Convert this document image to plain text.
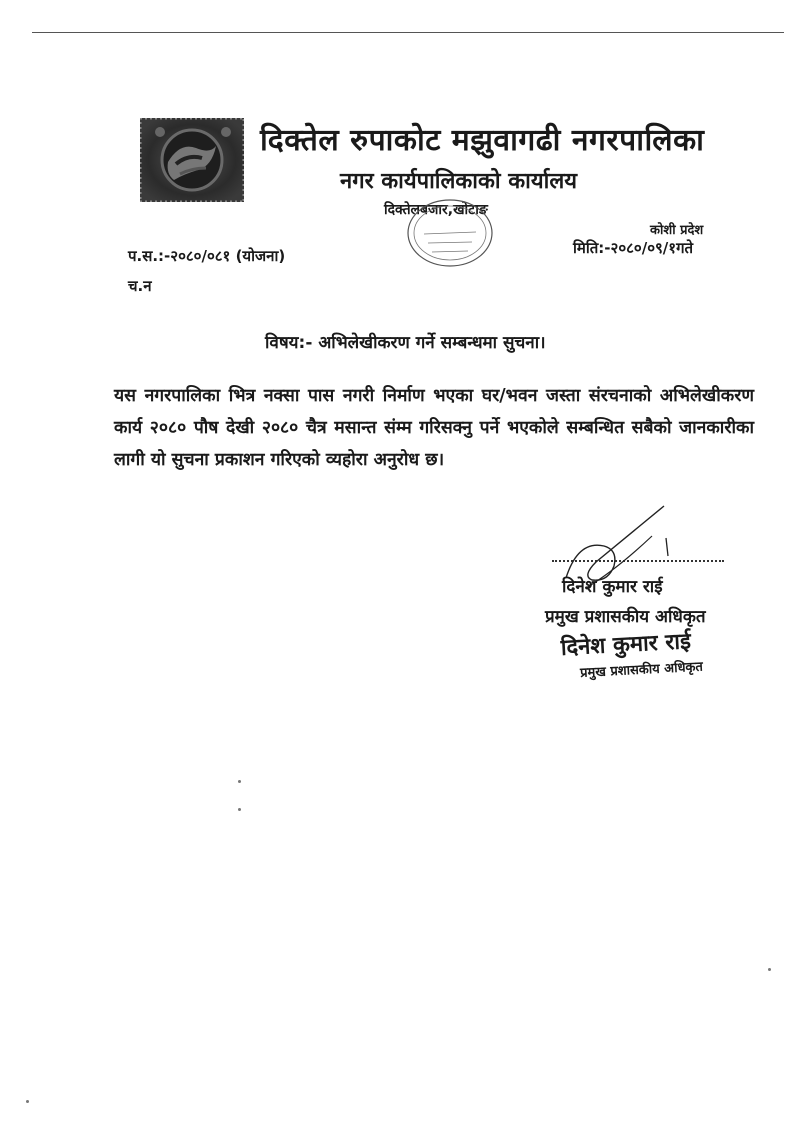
दिक्तेल रुपाकोट मझुवागढी नगरपालिका
नगर कार्यपालिकाको कार्यालय
दिक्तेलबजार,खोटाङ
कोशी प्रदेश
प.स.:-२०८०/०८१ (योजना)	मिति:-२०८०/०९/१गते
च.न
विषय:- अभिलेखीकरण गर्ने सम्बन्धमा सुचना।
यस नगरपालिका भित्र नक्सा पास नगरी निर्माण भएका घर/भवन जस्ता संरचनाको अभिलेखीकरण कार्य २०८० पौष देखी २०८० चैत्र मसान्त संम्म गरिसक्नु पर्ने भएकोले सम्बन्धित सबैको जानकारीका लागी यो सुचना प्रकाशन गरिएको व्यहोरा अनुरोध छ।
दिनेश कुमार राई
प्रमुख प्रशासकीय अधिकृत
दिनेश कुमार राई
प्रमुख प्रशासकीय अधिकृत
